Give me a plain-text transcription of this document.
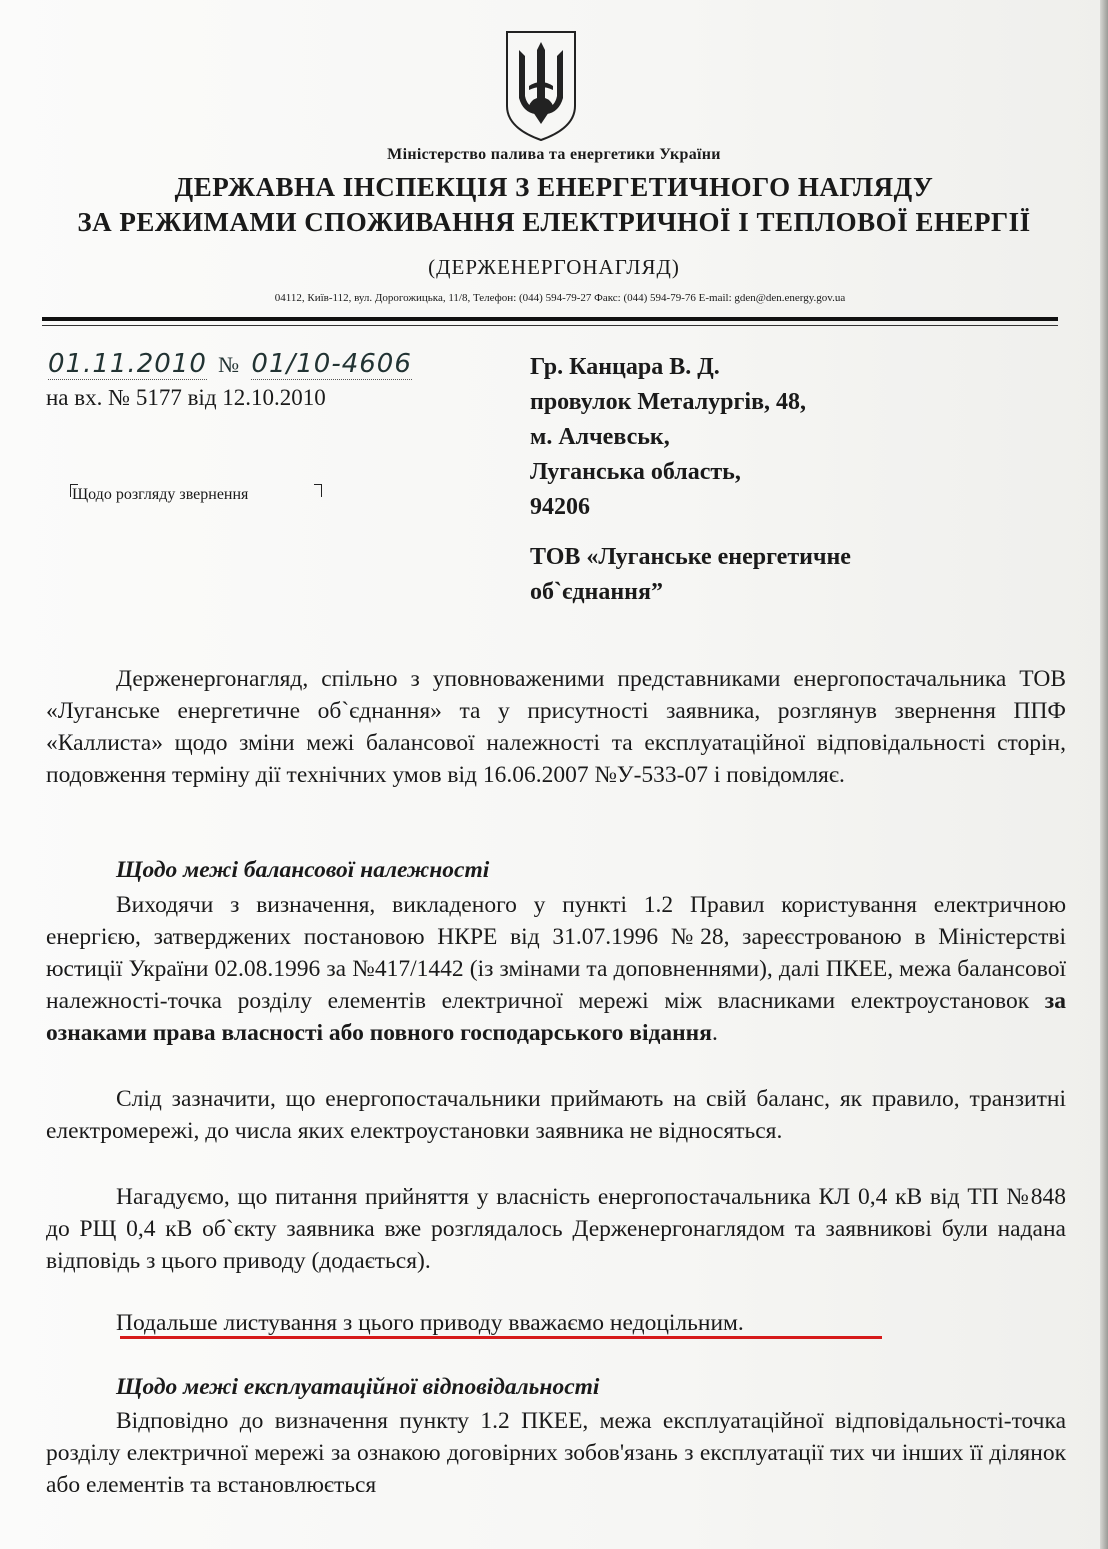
Міністерство палива та енергетики України
ДЕРЖАВНА ІНСПЕКЦІЯ З ЕНЕРГЕТИЧНОГО НАГЛЯДУ
ЗА РЕЖИМАМИ СПОЖИВАННЯ ЕЛЕКТРИЧНОЇ І ТЕПЛОВОЇ ЕНЕРГІЇ
(ДЕРЖЕНЕРГОНАГЛЯД)
04112, Київ-112, вул. Дорогожицька, 11/8, Телефон: (044) 594-79-27 Факс: (044) 594-79-76 E-mail: gden@den.energy.gov.ua
01.11.2010 № 01/10-4606
на вх. № 5177 від 12.10.2010
Щодо розгляду звернення
Гр. Канцара В. Д.
провулок Металургів, 48,
м. Алчевськ,
Луганська область,
94206
ТОВ «Луганське енергетичне
об`єднання”
Держенергонагляд, спільно з уповноваженими представниками енергопостачальника ТОВ «Луганське енергетичне об`єднання» та у присутності заявника, розглянув звернення ППФ «Каллиста» щодо зміни межі балансової належності та експлуатаційної відповідальності сторін, подовження терміну дії технічних умов від 16.06.2007 №У-533-07 і повідомляє.
Щодо межі балансової належності
Виходячи з визначення, викладеного у пункті 1.2 Правил користування електричною енергією, затверджених постановою НКРЕ від 31.07.1996 №28, зареєстрованою в Міністерстві юстиції України 02.08.1996 за №417/1442 (із змінами та доповненнями), далі ПКЕЕ, межа балансової належності-точка розділу елементів електричної мережі між власниками електроустановок за ознаками права власності або повного господарського відання.
Слід зазначити, що енергопостачальники приймають на свій баланс, як правило, транзитні електромережі, до числа яких електроустановки заявника не відносяться.
Нагадуємо, що питання прийняття у власність енергопостачальника КЛ 0,4 кВ від ТП №848 до РЩ 0,4 кВ об`єкту заявника вже розглядалось Держенергонаглядом та заявникові були надана відповідь з цього приводу (додається).
Подальше листування з цього приводу вважаємо недоцільним.
Щодо межі експлуатаційної відповідальності
Відповідно до визначення пункту 1.2 ПКЕЕ, межа експлуатаційної відповідальності-точка розділу електричної мережі за ознакою договірних зобов'язань з експлуатації тих чи інших її ділянок або елементів та встановлюється
